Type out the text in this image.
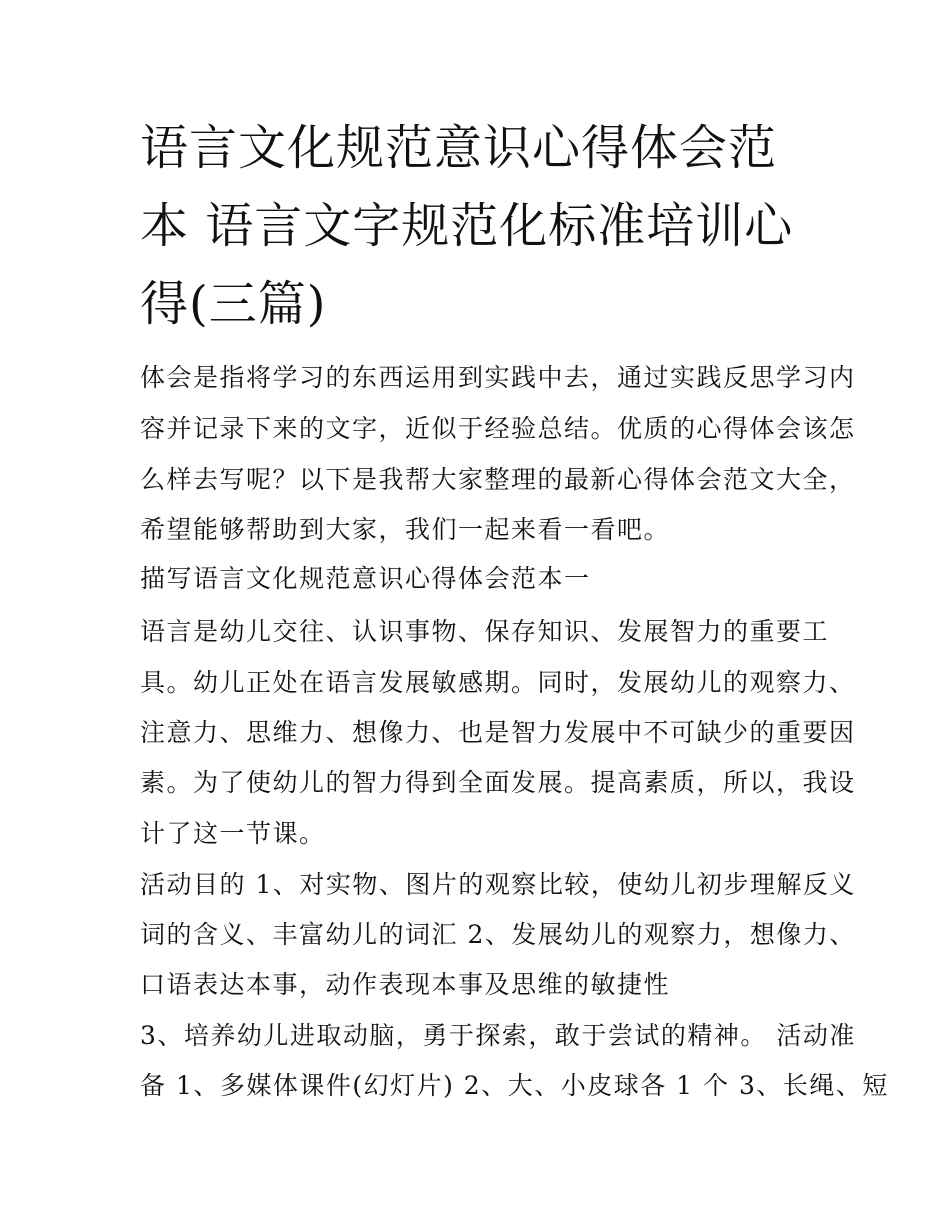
语言文化规范意识心得体会范
本 语言文字规范化标准培训心
得(三篇)
体会是指将学习的东西运用到实践中去，通过实践反思学习内
容并记录下来的文字，近似于经验总结。优质的心得体会该怎
么样去写呢？以下是我帮大家整理的最新心得体会范文大全，
希望能够帮助到大家，我们一起来看一看吧。
描写语言文化规范意识心得体会范本一
语言是幼儿交往、认识事物、保存知识、发展智力的重要工
具。幼儿正处在语言发展敏感期。同时，发展幼儿的观察力、
注意力、思维力、想像力、也是智力发展中不可缺少的重要因
素。为了使幼儿的智力得到全面发展。提高素质，所以，我设
计了这一节课。
活动目的 1、对实物、图片的观察比较，使幼儿初步理解反义
词的含义、丰富幼儿的词汇 2、发展幼儿的观察力，想像力、
口语表达本事，动作表现本事及思维的敏捷性
3、培养幼儿进取动脑，勇于探索，敢于尝试的精神。 活动准
备 1、多媒体课件(幻灯片) 2、大、小皮球各 1 个 3、长绳、短
